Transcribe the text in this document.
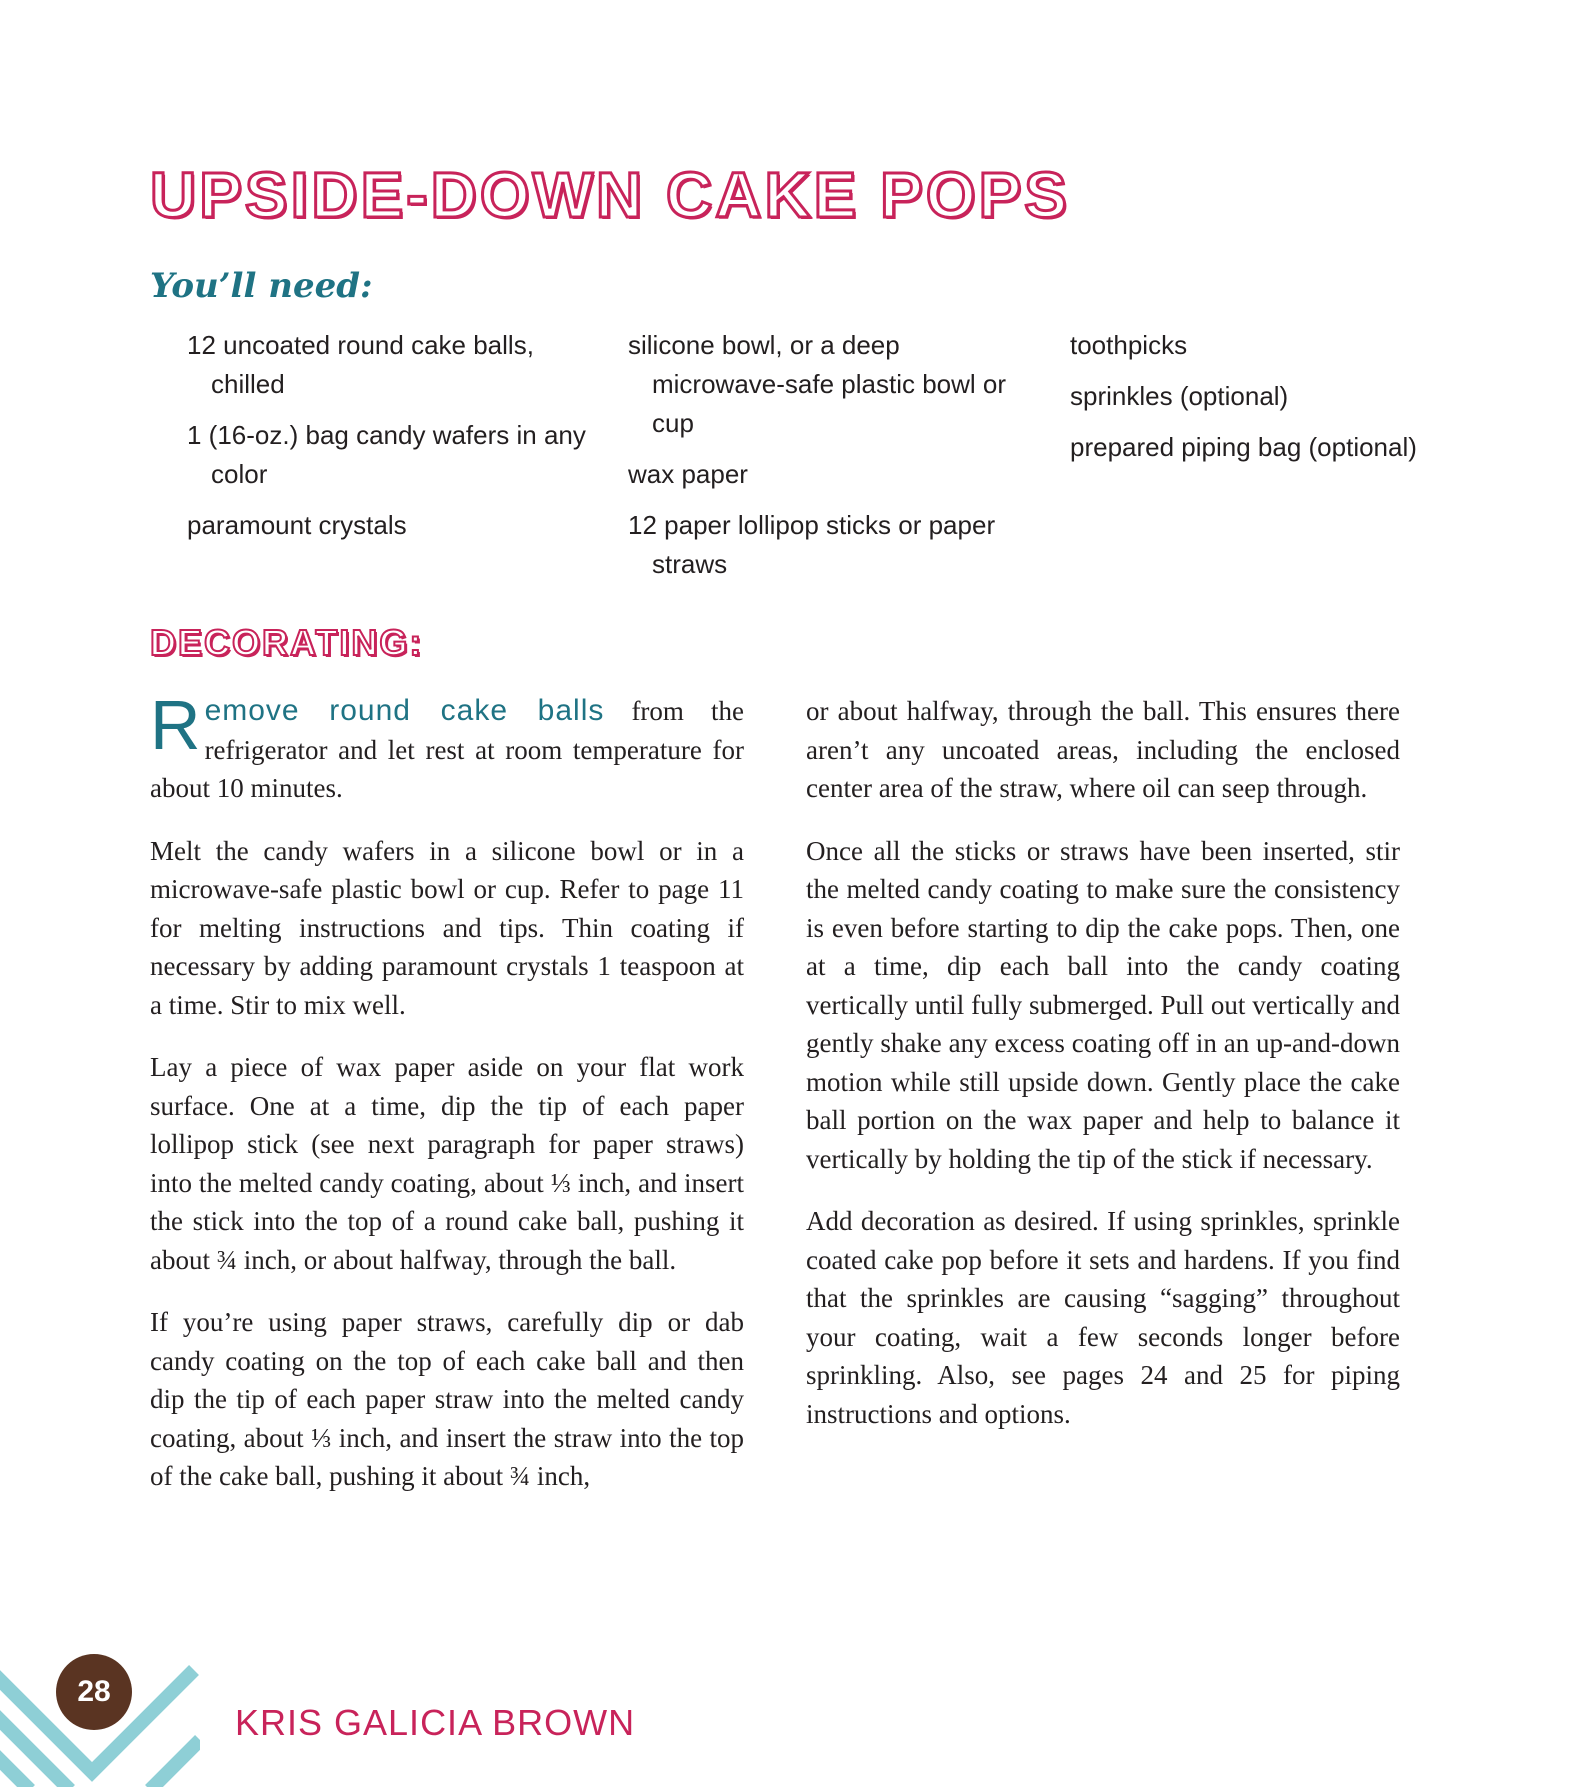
UPSIDE-DOWN CAKE POPS
You’ll need:
12 uncoated round cake balls, chilled
1 (16-oz.) bag candy wafers in any color
paramount crystals
silicone bowl, or a deep microwave-safe plastic bowl or cup
wax paper
12 paper lollipop sticks or paper straws
toothpicks
sprinkles (optional)
prepared piping bag (optional)
DECORATING:

Remove round cake balls from the refrigerator and let rest at room temperature for about 10 minutes.

Melt the candy wafers in a silicone bowl or in a microwave-safe plastic bowl or cup. Refer to page 11 for melting instructions and tips. Thin coating if necessary by adding paramount crystals 1 teaspoon at a time. Stir to mix well.

Lay a piece of wax paper aside on your flat work surface. One at a time, dip the tip of each paper lollipop stick (see next paragraph for paper straws) into the melted candy coating, about ⅓ inch, and insert the stick into the top of a round cake ball, pushing it about ¾ inch, or about halfway, through the ball.

If you’re using paper straws, carefully dip or dab candy coating on the top of each cake ball and then dip the tip of each paper straw into the melted candy coating, about ⅓ inch, and insert the straw into the top of the cake ball, pushing it about ¾ inch,

or about halfway, through the ball. This ensures there aren’t any uncoated areas, including the enclosed center area of the straw, where oil can seep through.

Once all the sticks or straws have been inserted, stir the melted candy coating to make sure the consistency is even before starting to dip the cake pops. Then, one at a time, dip each ball into the candy coating vertically until fully submerged. Pull out vertically and gently shake any excess coating off in an up-and-down motion while still upside down. Gently place the cake ball portion on the wax paper and help to balance it vertically by holding the tip of the stick if necessary.

Add decoration as desired. If using sprinkles, sprinkle coated cake pop before it sets and hardens. If you find that the sprinkles are causing “sagging” throughout your coating, wait a few seconds longer before sprinkling. Also, see pages 24 and 25 for piping instructions and options.

28
KRIS GALICIA BROWN
